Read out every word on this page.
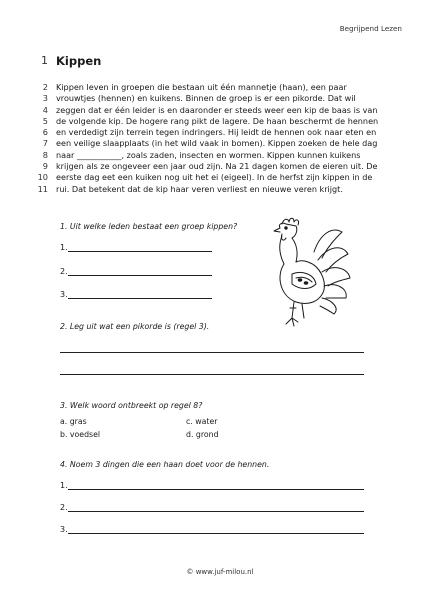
Begrijpend Lezen
1 Kippen
2 Kippen leven in groepen die bestaan uit één mannetje (haan), een paar
3 vrouwtjes (hennen) en kuikens. Binnen de groep is er een pikorde. Dat wil
4 zeggen dat er één leider is en daaronder er steeds weer een kip de baas is van
5 de volgende kip. De hogere rang pikt de lagere. De haan beschermt de hennen
6 en verdedigt zijn terrein tegen indringers. Hij leidt de hennen ook naar eten en
7 een veilige slaapplaats (in het wild vaak in bomen). Kippen zoeken de hele dag
8 naar ___________, zoals zaden, insecten en wormen. Kippen kunnen kuikens
9 krijgen als ze ongeveer een jaar oud zijn. Na 21 dagen komen de eieren uit. De
10 eerste dag eet een kuiken nog uit het ei (eigeel). In de herfst zijn kippen in de
11 rui. Dat betekent dat de kip haar veren verliest en nieuwe veren krijgt.
1. Uit welke leden bestaat een groep kippen?
1.
2.
3.
2. Leg uit wat een pikorde is (regel 3).
3. Welk woord ontbreekt op regel 8?
a. gras	c. water
b. voedsel	d. grond
4. Noem 3 dingen die een haan doet voor de hennen.
1.
2.
3.
© www.juf-milou.nl
